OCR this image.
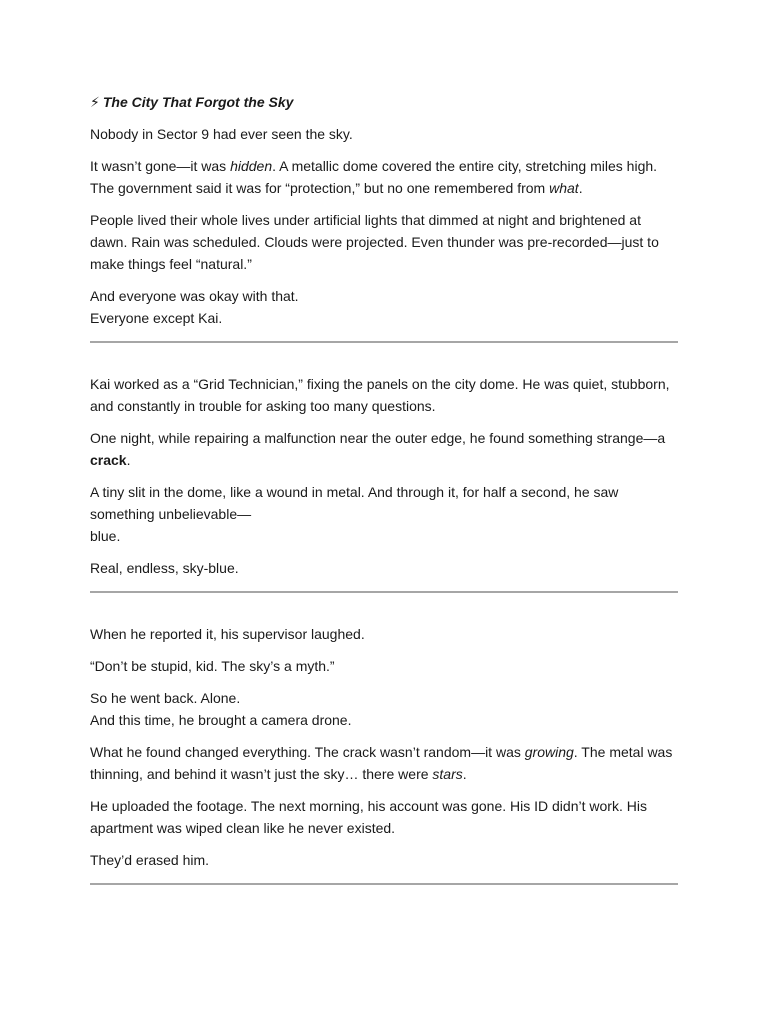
⚡ The City That Forgot the Sky

Nobody in Sector 9 had ever seen the sky.

It wasn’t gone—it was hidden. A metallic dome covered the entire city, stretching miles high. The government said it was for “protection,” but no one remembered from what.

People lived their whole lives under artificial lights that dimmed at night and brightened at dawn. Rain was scheduled. Clouds were projected. Even thunder was pre-recorded—just to make things feel “natural.”

And everyone was okay with that.
Everyone except Kai.

Kai worked as a “Grid Technician,” fixing the panels on the city dome. He was quiet, stubborn, and constantly in trouble for asking too many questions.

One night, while repairing a malfunction near the outer edge, he found something strange—a crack.

A tiny slit in the dome, like a wound in metal. And through it, for half a second, he saw something unbelievable—
blue.

Real, endless, sky-blue.

When he reported it, his supervisor laughed.

“Don’t be stupid, kid. The sky’s a myth.”

So he went back. Alone.
And this time, he brought a camera drone.

What he found changed everything. The crack wasn’t random—it was growing. The metal was thinning, and behind it wasn’t just the sky… there were stars.

He uploaded the footage. The next morning, his account was gone. His ID didn’t work. His apartment was wiped clean like he never existed.

They’d erased him.
